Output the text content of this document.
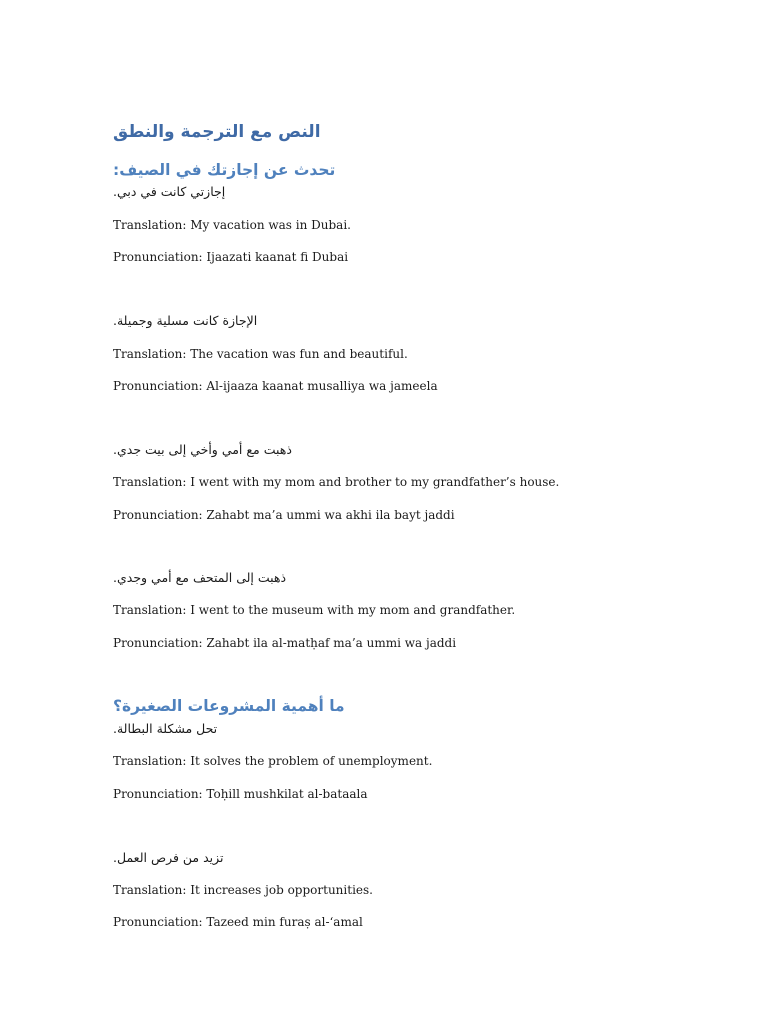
النص مع الترجمة والنطق
تحدث عن إجازتك في الصيف:

إجازتي كانت في دبي.

Translation: My vacation was in Dubai.

Pronunciation: Ijaazati kaanat fi Dubai

الإجازة كانت مسلية وجميلة.

Translation: The vacation was fun and beautiful.

Pronunciation: Al-ijaaza kaanat musalliya wa jameela

ذهبت مع أمي وأخي إلى بيت جدي.

Translation: I went with my mom and brother to my grandfather’s house.

Pronunciation: Zahabt ma’a ummi wa akhi ila bayt jaddi

ذهبت إلى المتحف مع أمي وجدي.

Translation: I went to the museum with my mom and grandfather.

Pronunciation: Zahabt ila al-matḥaf ma’a ummi wa jaddi

ما أهمية المشروعات الصغيرة؟

تحل مشكلة البطالة.

Translation: It solves the problem of unemployment.

Pronunciation: Toḥill mushkilat al-bataala

تزيد من فرص العمل.

Translation: It increases job opportunities.

Pronunciation: Tazeed min furaṣ al-‘amal
